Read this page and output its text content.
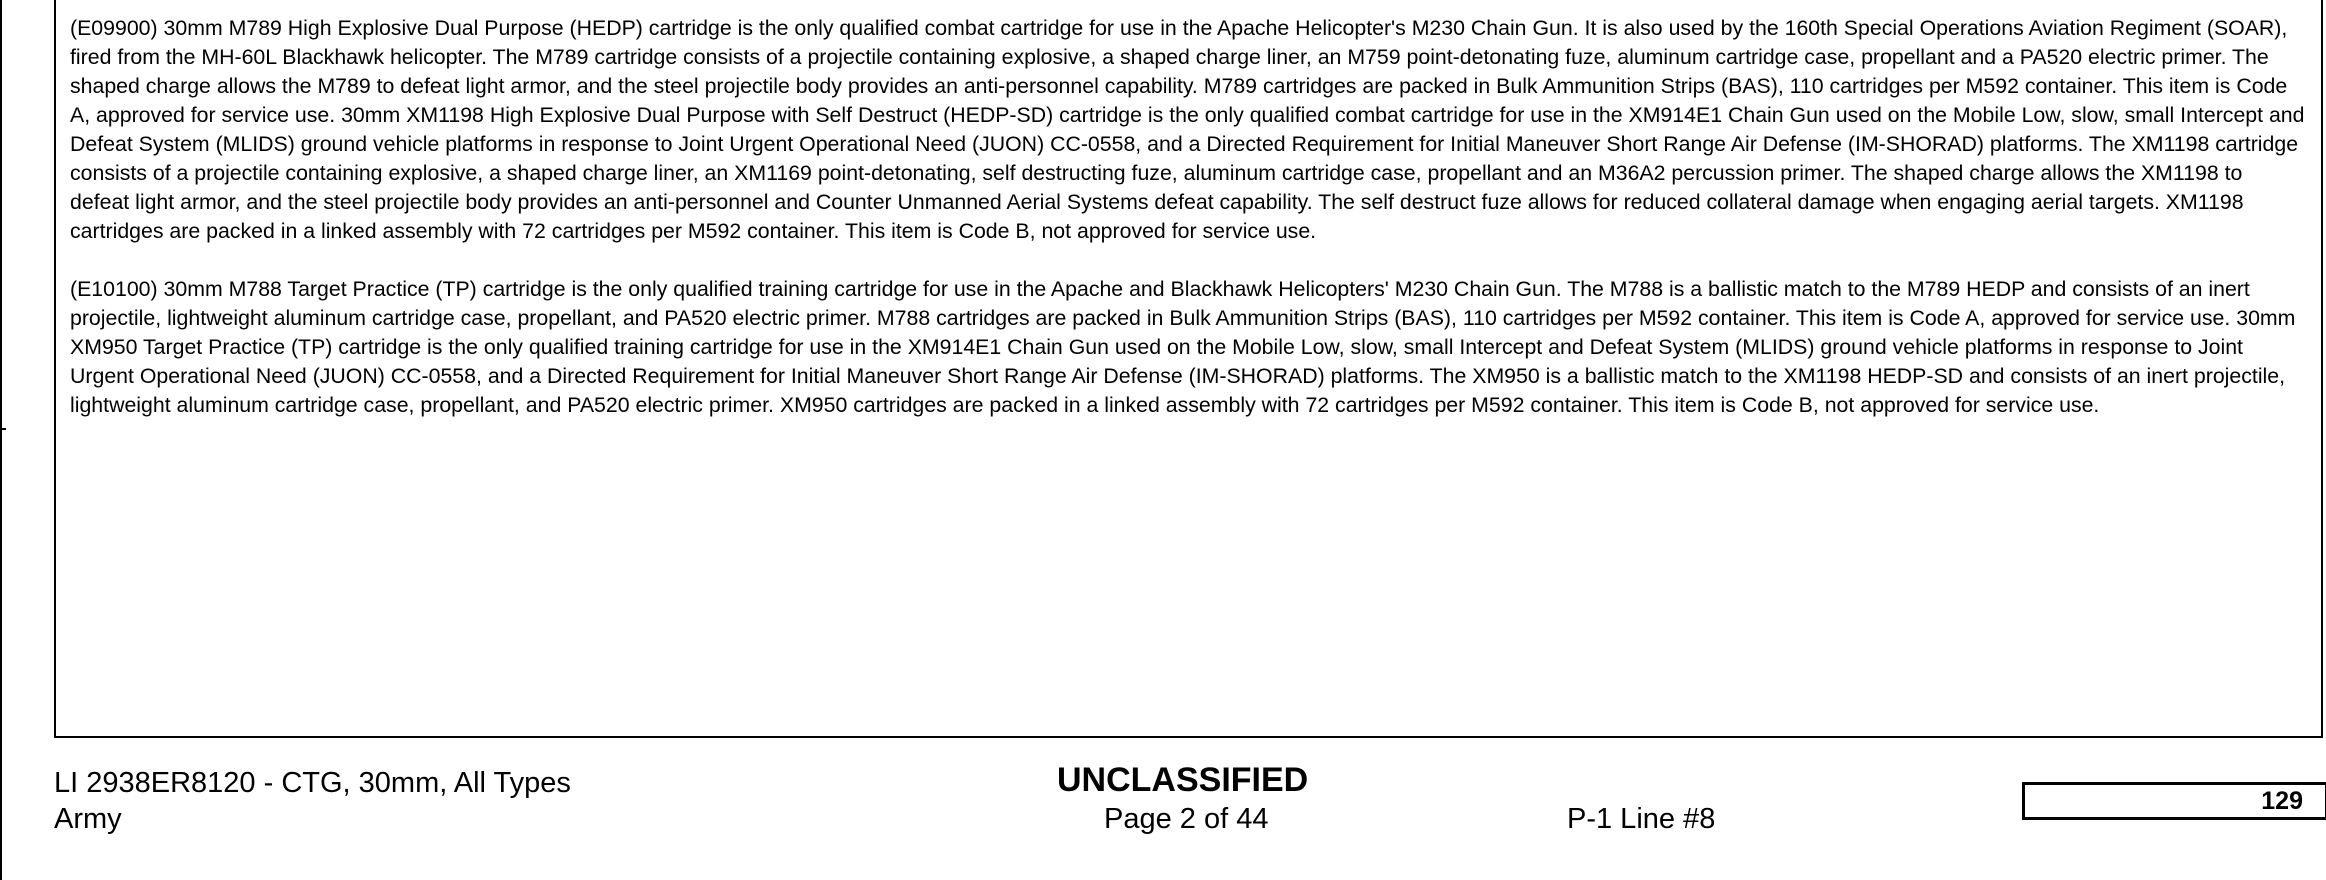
(E09900) 30mm M789 High Explosive Dual Purpose (HEDP) cartridge is the only qualified combat cartridge for use in the Apache Helicopter's M230 Chain Gun. It is also used by the 160th Special Operations Aviation Regiment (SOAR), fired from the MH-60L Blackhawk helicopter. The M789 cartridge consists of a projectile containing explosive, a shaped charge liner, an M759 point-detonating fuze, aluminum cartridge case, propellant and a PA520 electric primer. The shaped charge allows the M789 to defeat light armor, and the steel projectile body provides an anti-personnel capability. M789 cartridges are packed in Bulk Ammunition Strips (BAS), 110 cartridges per M592 container. This item is Code A, approved for service use. 30mm XM1198 High Explosive Dual Purpose with Self Destruct (HEDP-SD) cartridge is the only qualified combat cartridge for use in the XM914E1 Chain Gun used on the Mobile Low, slow, small Intercept and Defeat System (MLIDS) ground vehicle platforms in response to Joint Urgent Operational Need (JUON) CC-0558, and a Directed Requirement for Initial Maneuver Short Range Air Defense (IM-SHORAD) platforms. The XM1198 cartridge consists of a projectile containing explosive, a shaped charge liner, an XM1169 point-detonating, self destructing fuze, aluminum cartridge case, propellant and an M36A2 percussion primer. The shaped charge allows the XM1198 to defeat light armor, and the steel projectile body provides an anti-personnel and Counter Unmanned Aerial Systems defeat capability. The self destruct fuze allows for reduced collateral damage when engaging aerial targets. XM1198 cartridges are packed in a linked assembly with 72 cartridges per M592 container. This item is Code B, not approved for service use.

(E10100) 30mm M788 Target Practice (TP) cartridge is the only qualified training cartridge for use in the Apache and Blackhawk Helicopters' M230 Chain Gun. The M788 is a ballistic match to the M789 HEDP and consists of an inert projectile, lightweight aluminum cartridge case, propellant, and PA520 electric primer. M788 cartridges are packed in Bulk Ammunition Strips (BAS), 110 cartridges per M592 container. This item is Code A, approved for service use. 30mm XM950 Target Practice (TP) cartridge is the only qualified training cartridge for use in the XM914E1 Chain Gun used on the Mobile Low, slow, small Intercept and Defeat System (MLIDS) ground vehicle platforms in response to Joint Urgent Operational Need (JUON) CC-0558, and a Directed Requirement for Initial Maneuver Short Range Air Defense (IM-SHORAD) platforms. The XM950 is a ballistic match to the XM1198 HEDP-SD and consists of an inert projectile, lightweight aluminum cartridge case, propellant, and PA520 electric primer. XM950 cartridges are packed in a linked assembly with 72 cartridges per M592 container. This item is Code B, not approved for service use.

LI 2938ER8120 - CTG, 30mm, All Types
Army
UNCLASSIFIED
Page 2 of 44	P-1 Line #8
129
